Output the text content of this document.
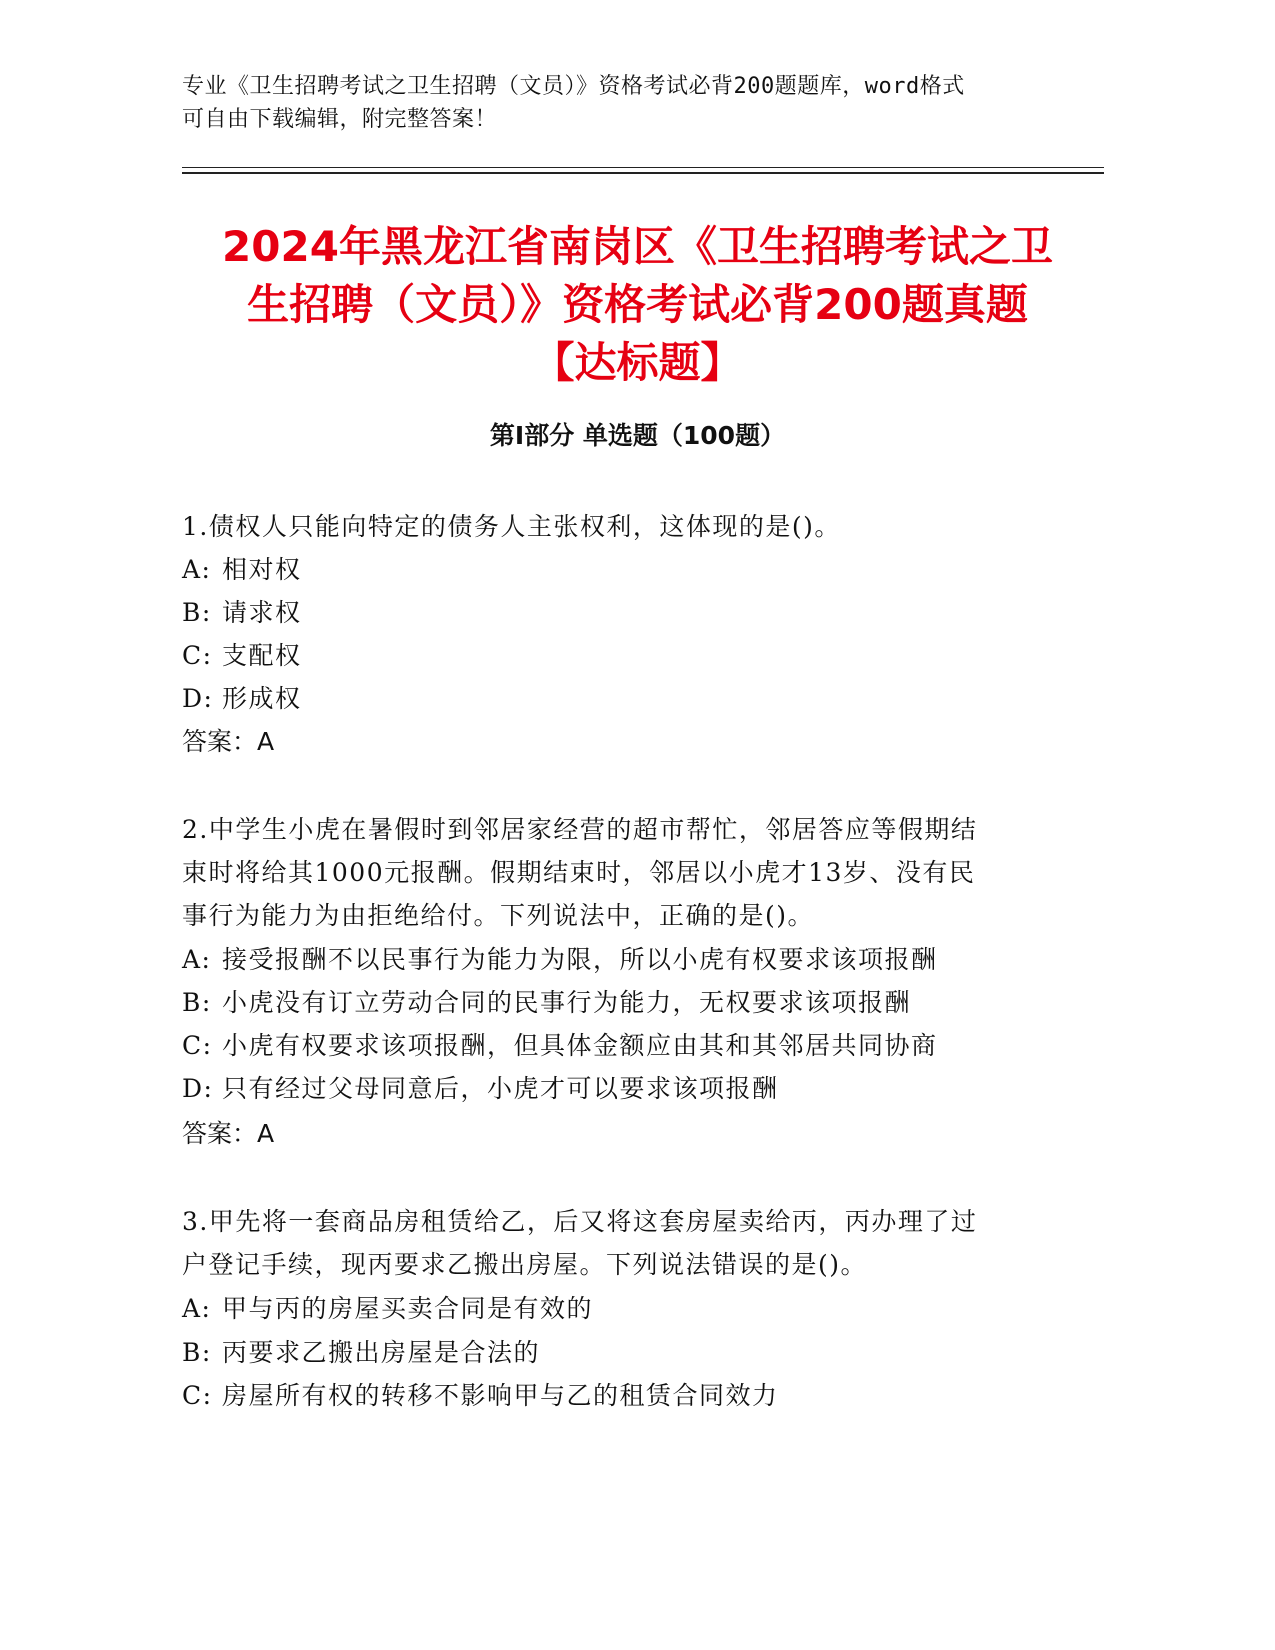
专业《卫生招聘考试之卫生招聘（文员）》资格考试必背200题题库，word格式
可自由下载编辑，附完整答案！
2024年黑龙江省南岗区《卫生招聘考试之卫
生招聘（文员）》资格考试必背200题真题
【达标题】
第Ⅰ部分 单选题（100题）
1.债权人只能向特定的债务人主张权利，这体现的是()。
A: 相对权
B: 请求权
C: 支配权
D: 形成权
答案：A
2.中学生小虎在暑假时到邻居家经营的超市帮忙，邻居答应等假期结
束时将给其1000元报酬。假期结束时，邻居以小虎才13岁、没有民
事行为能力为由拒绝给付。下列说法中，正确的是()。
A: 接受报酬不以民事行为能力为限，所以小虎有权要求该项报酬
B: 小虎没有订立劳动合同的民事行为能力，无权要求该项报酬
C: 小虎有权要求该项报酬，但具体金额应由其和其邻居共同协商
D: 只有经过父母同意后，小虎才可以要求该项报酬
答案：A
3.甲先将一套商品房租赁给乙，后又将这套房屋卖给丙，丙办理了过
户登记手续，现丙要求乙搬出房屋。下列说法错误的是()。
A: 甲与丙的房屋买卖合同是有效的
B: 丙要求乙搬出房屋是合法的
C: 房屋所有权的转移不影响甲与乙的租赁合同效力
